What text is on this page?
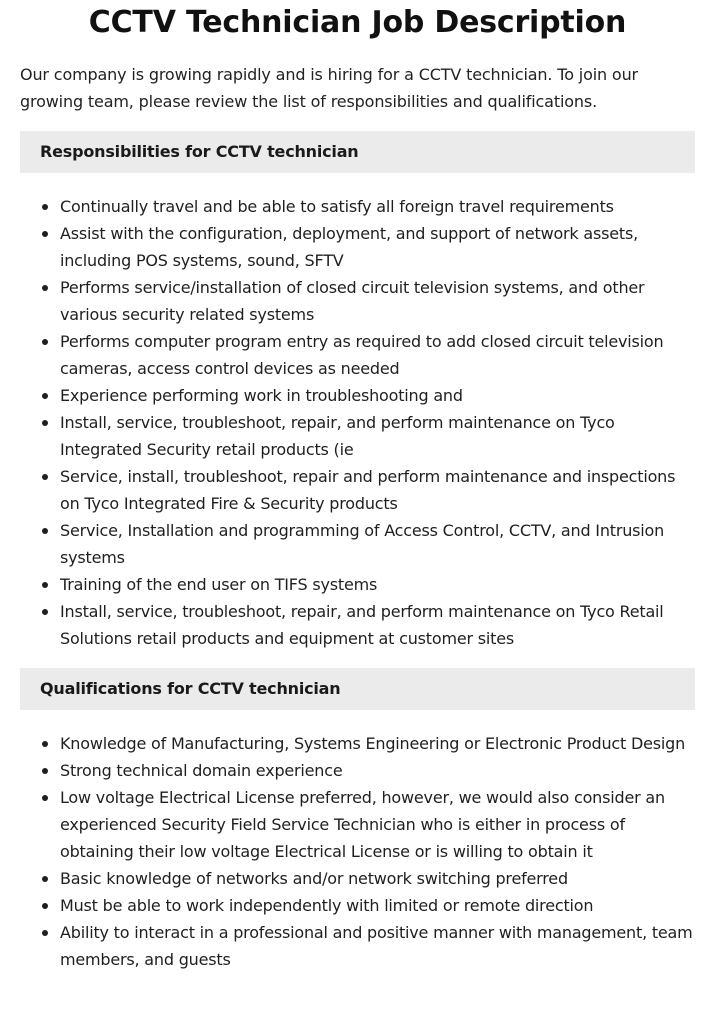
CCTV Technician Job Description

Our company is growing rapidly and is hiring for a CCTV technician. To join our growing team, please review the list of responsibilities and qualifications.

Responsibilities for CCTV technician
Continually travel and be able to satisfy all foreign travel requirements
Assist with the configuration, deployment, and support of network assets, including POS systems, sound, SFTV
Performs service/installation of closed circuit television systems, and other various security related systems
Performs computer program entry as required to add closed circuit television cameras, access control devices as needed
Experience performing work in troubleshooting and
Install, service, troubleshoot, repair, and perform maintenance on Tyco Integrated Security retail products (ie
Service, install, troubleshoot, repair and perform maintenance and inspections on Tyco Integrated Fire & Security products
Service, Installation and programming of Access Control, CCTV, and Intrusion systems
Training of the end user on TIFS systems
Install, service, troubleshoot, repair, and perform maintenance on Tyco Retail Solutions retail products and equipment at customer sites
Qualifications for CCTV technician
Knowledge of Manufacturing, Systems Engineering or Electronic Product Design
Strong technical domain experience
Low voltage Electrical License preferred, however, we would also consider an experienced Security Field Service Technician who is either in process of obtaining their low voltage Electrical License or is willing to obtain it
Basic knowledge of networks and/or network switching preferred
Must be able to work independently with limited or remote direction
Ability to interact in a professional and positive manner with management, team members, and guests
